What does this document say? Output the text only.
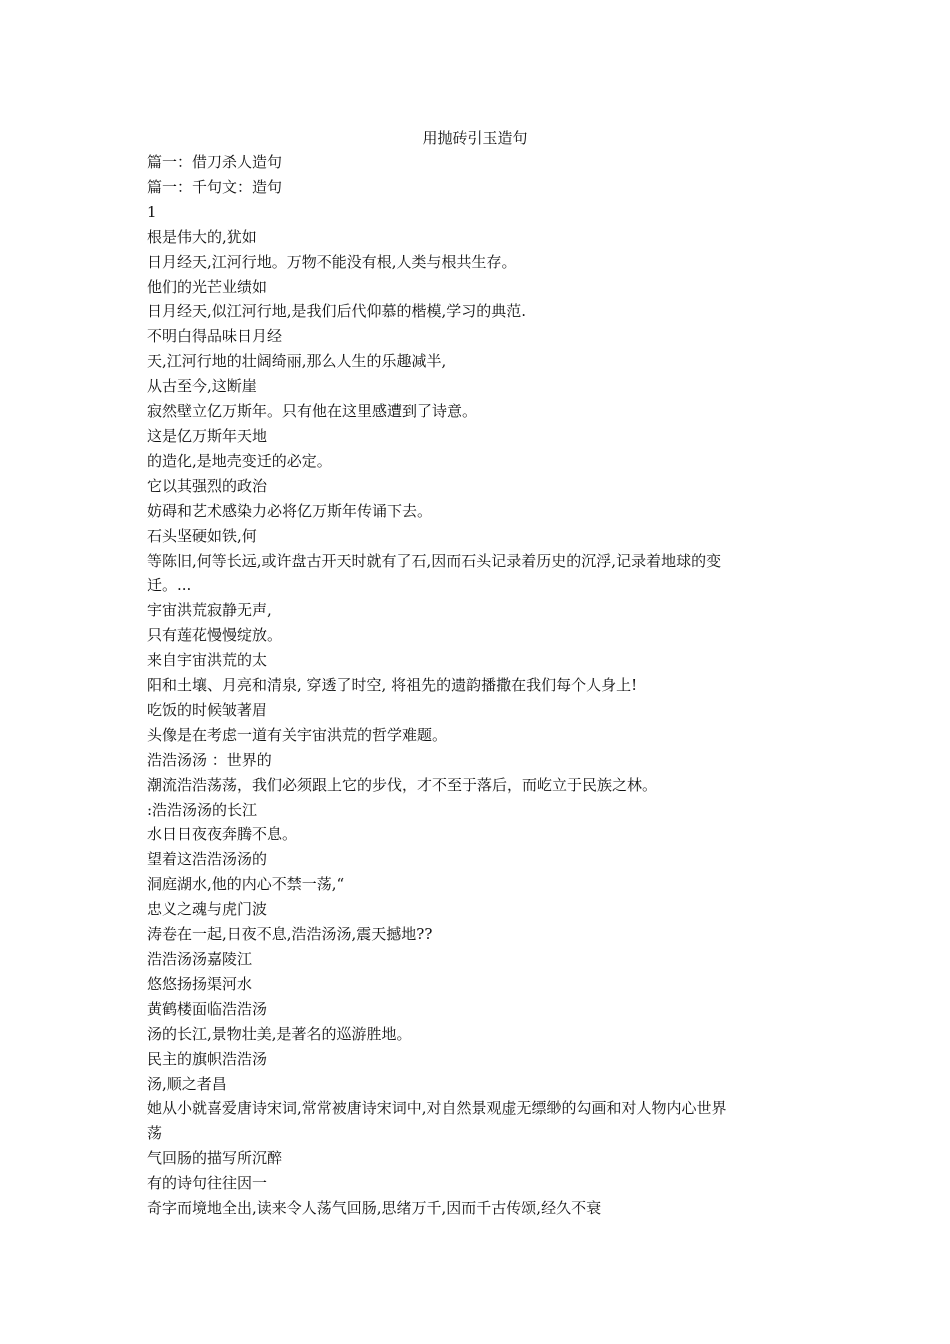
用抛砖引玉造句
篇一：借刀杀人造句
篇一：千句文：造句
1
根是伟大的,犹如
日月经天,江河行地。万物不能没有根,人类与根共生存。
他们的光芒业绩如
日月经天,似江河行地,是我们后代仰慕的楷模,学习的典范.
不明白得品味日月经
天,江河行地的壮阔绮丽,那么人生的乐趣减半,
从古至今,这断崖
寂然壁立亿万斯年。只有他在这里感遭到了诗意。
这是亿万斯年天地
的造化,是地壳变迁的必定。
它以其强烈的政治
妨碍和艺术感染力必将亿万斯年传诵下去。
石头坚硬如铁,何
等陈旧,何等长远,或许盘古开天时就有了石,因而石头记录着历史的沉浮,记录着地球的变
迁。...
宇宙洪荒寂静无声,
只有莲花慢慢绽放。
来自宇宙洪荒的太
阳和土壤、月亮和清泉, 穿透了时空, 将祖先的遗韵播撒在我们每个人身上!
吃饭的时候皱著眉
头像是在考虑一道有关宇宙洪荒的哲学难题。
浩浩汤汤 ：世界的
潮流浩浩荡荡，我们必须跟上它的步伐，才不至于落后，而屹立于民族之林。
:浩浩汤汤的长江
水日日夜夜奔腾不息。
望着这浩浩汤汤的
洞庭湖水,他的内心不禁一荡,“
忠义之魂与虎门波
涛卷在一起,日夜不息,浩浩汤汤,震天撼地??
浩浩汤汤嘉陵江
悠悠扬扬渠河水
黄鹤楼面临浩浩汤
汤的长江,景物壮美,是著名的巡游胜地。
民主的旗帜浩浩汤
汤,顺之者昌
她从小就喜爱唐诗宋词,常常被唐诗宋词中,对自然景观虚无缥缈的勾画和对人物内心世界
荡
气回肠的描写所沉醉
有的诗句往往因一
奇字而境地全出,读来令人荡气回肠,思绪万千,因而千古传颂,经久不衰
